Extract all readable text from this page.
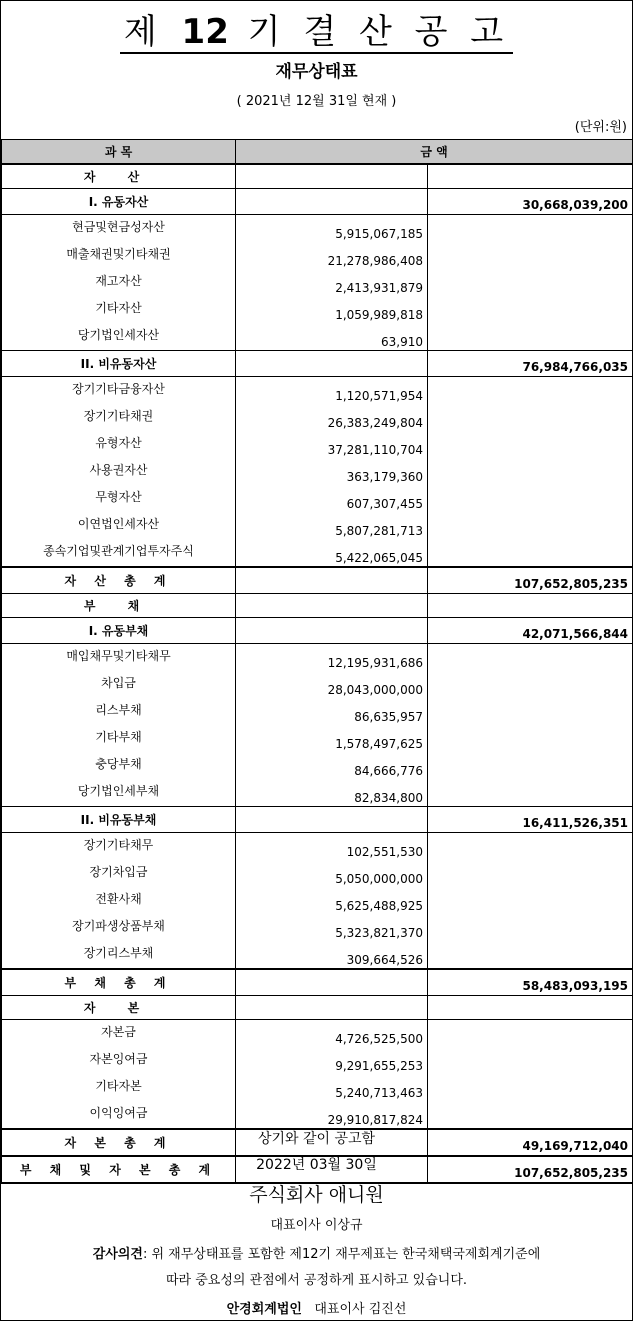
제 12 기 결 산 공 고
재무상태표
( 2021년 12월 31일 현재 )
(단위:원)
과 목	금 액	
자 산		
I. 유동자산		30,668,039,200
현금및현금성자산	5,915,067,185	
매출채권및기타채권	21,278,986,408	
재고자산	2,413,931,879	
기타자산	1,059,989,818	
당기법인세자산	63,910	
II. 비유동자산		76,984,766,035
장기기타금융자산	1,120,571,954	
장기기타채권	26,383,249,804	
유형자산	37,281,110,704	
사용권자산	363,179,360	
무형자산	607,307,455	
이연법인세자산	5,807,281,713	
종속기업및관계기업투자주식	5,422,065,045	
자 산 총 계		107,652,805,235
부 채		
I. 유동부채		42,071,566,844
매입채무및기타채무	12,195,931,686	
차입금	28,043,000,000	
리스부채	86,635,957	
기타부채	1,578,497,625	
충당부채	84,666,776	
당기법인세부채	82,834,800	
II. 비유동부채		16,411,526,351
장기기타채무	102,551,530	
장기차입금	5,050,000,000	
전환사채	5,625,488,925	
장기파생상품부채	5,323,821,370	
장기리스부채	309,664,526	
부 채 총 계		58,483,093,195
자 본		
자본금	4,726,525,500	
자본잉여금	9,291,655,253	
기타자본	5,240,713,463	
이익잉여금	29,910,817,824	
자 본 총 계		49,169,712,040
부 채 및 자 본 총 계		107,652,805,235
상기와 같이 공고함
2022년 03월 30일
주식회사 애니원
대표이사 이상규
감사의견: 위 재무상태표를 포함한 제12기 재무제표는 한국채택국제회계기준에
따라 중요성의 관점에서 공정하게 표시하고 있습니다.
안경회계법인 대표이사 김진선
